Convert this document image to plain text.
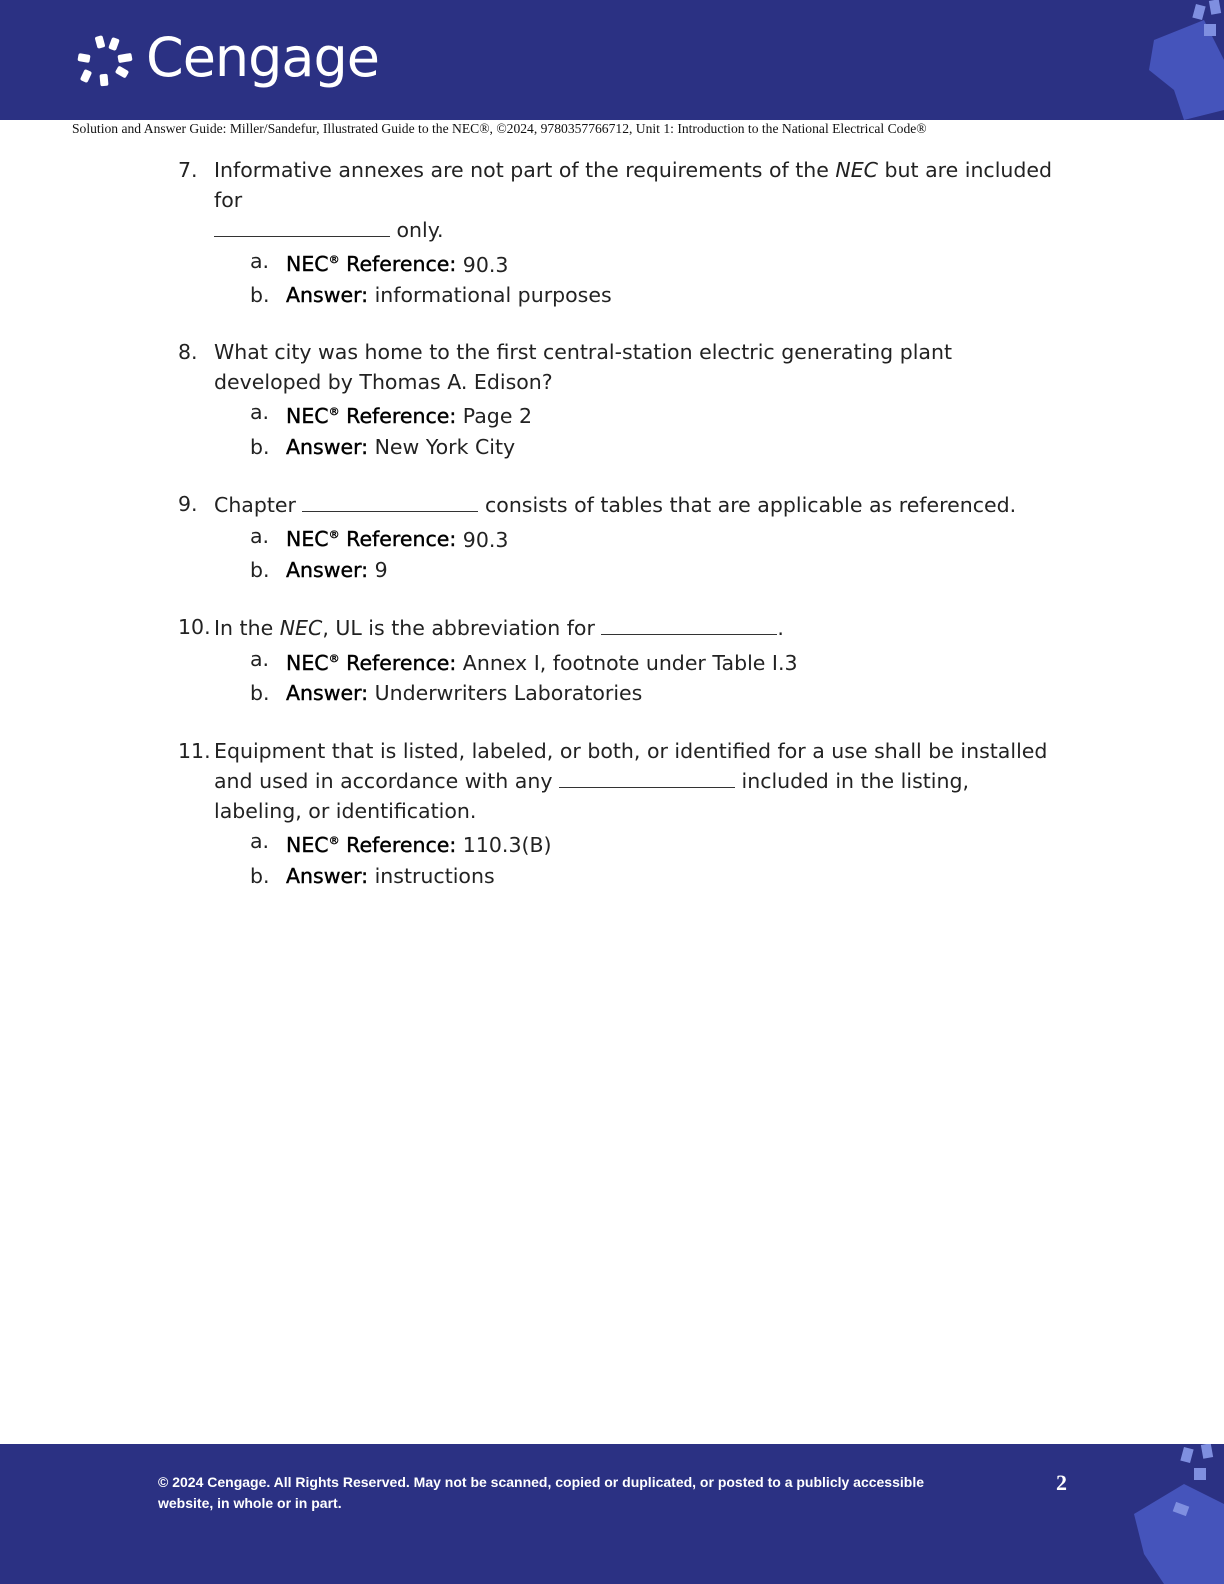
Cengage
Solution and Answer Guide: Miller/Sandefur, Illustrated Guide to the NEC®, ©2024, 9780357766712, Unit 1: Introduction to the National Electrical Code®
7. Informative annexes are not part of the requirements of the NEC but are included for
only.
a. NEC® Reference: 90.3
b. Answer: informational purposes
8. What city was home to the first central-station electric generating plant developed by Thomas A. Edison?
a. NEC® Reference: Page 2
b. Answer: New York City
9. Chapter	consists of tables that are applicable as referenced.
a. NEC® Reference: 90.3
b. Answer: 9
10. In the NEC, UL is the abbreviation for	.
a. NEC® Reference: Annex I, footnote under Table I.3
b. Answer: Underwriters Laboratories
11. Equipment that is listed, labeled, or both, or identified for a use shall be installed and used in accordance with any	included in the listing, labeling, or identification.
a. NEC® Reference: 110.3(B)
b. Answer: instructions
© 2024 Cengage. All Rights Reserved. May not be scanned, copied or duplicated, or posted to a publicly accessible website, in whole or in part.
2
